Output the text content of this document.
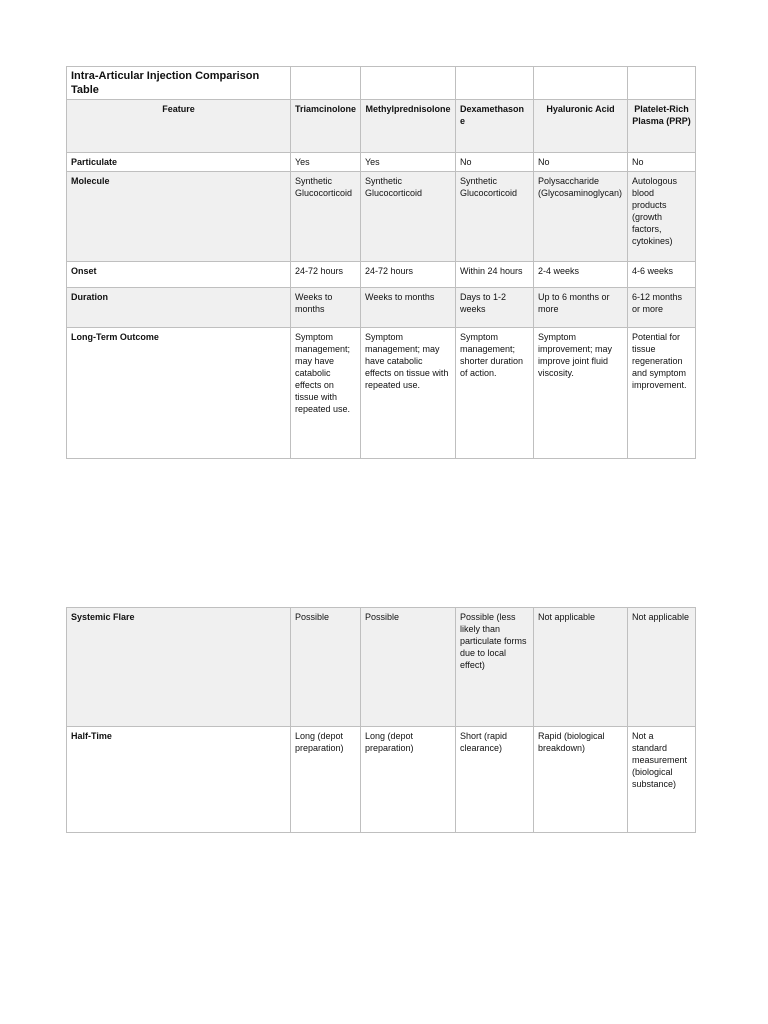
Intra-Articular Injection Comparison Table					
Feature	Triamcinolone	Methylprednisolone	Dexamethasone	Hyaluronic Acid	Platelet-Rich Plasma (PRP)
Particulate	Yes	Yes	No	No	No
Molecule	Synthetic Glucocorticoid	Synthetic Glucocorticoid	Synthetic Glucocorticoid	Polysaccharide (Glycosaminoglycan)	Autologous blood products (growth factors, cytokines)
Onset	24-72 hours	24-72 hours	Within 24 hours	2-4 weeks	4-6 weeks
Duration	Weeks to months	Weeks to months	Days to 1-2 weeks	Up to 6 months or more	6-12 months or more
Long-Term Outcome	Symptom management; may have catabolic effects on tissue with repeated use.	Symptom management; may have catabolic effects on tissue with repeated use.	Symptom management; shorter duration of action.	Symptom improvement; may improve joint fluid viscosity.	Potential for tissue regeneration and symptom improvement.
Systemic Flare	Possible	Possible	Possible (less likely than particulate forms due to local effect)	Not applicable	Not applicable
Half-Time	Long (depot preparation)	Long (depot preparation)	Short (rapid clearance)	Rapid (biological breakdown)	Not a standard measurement (biological substance)
